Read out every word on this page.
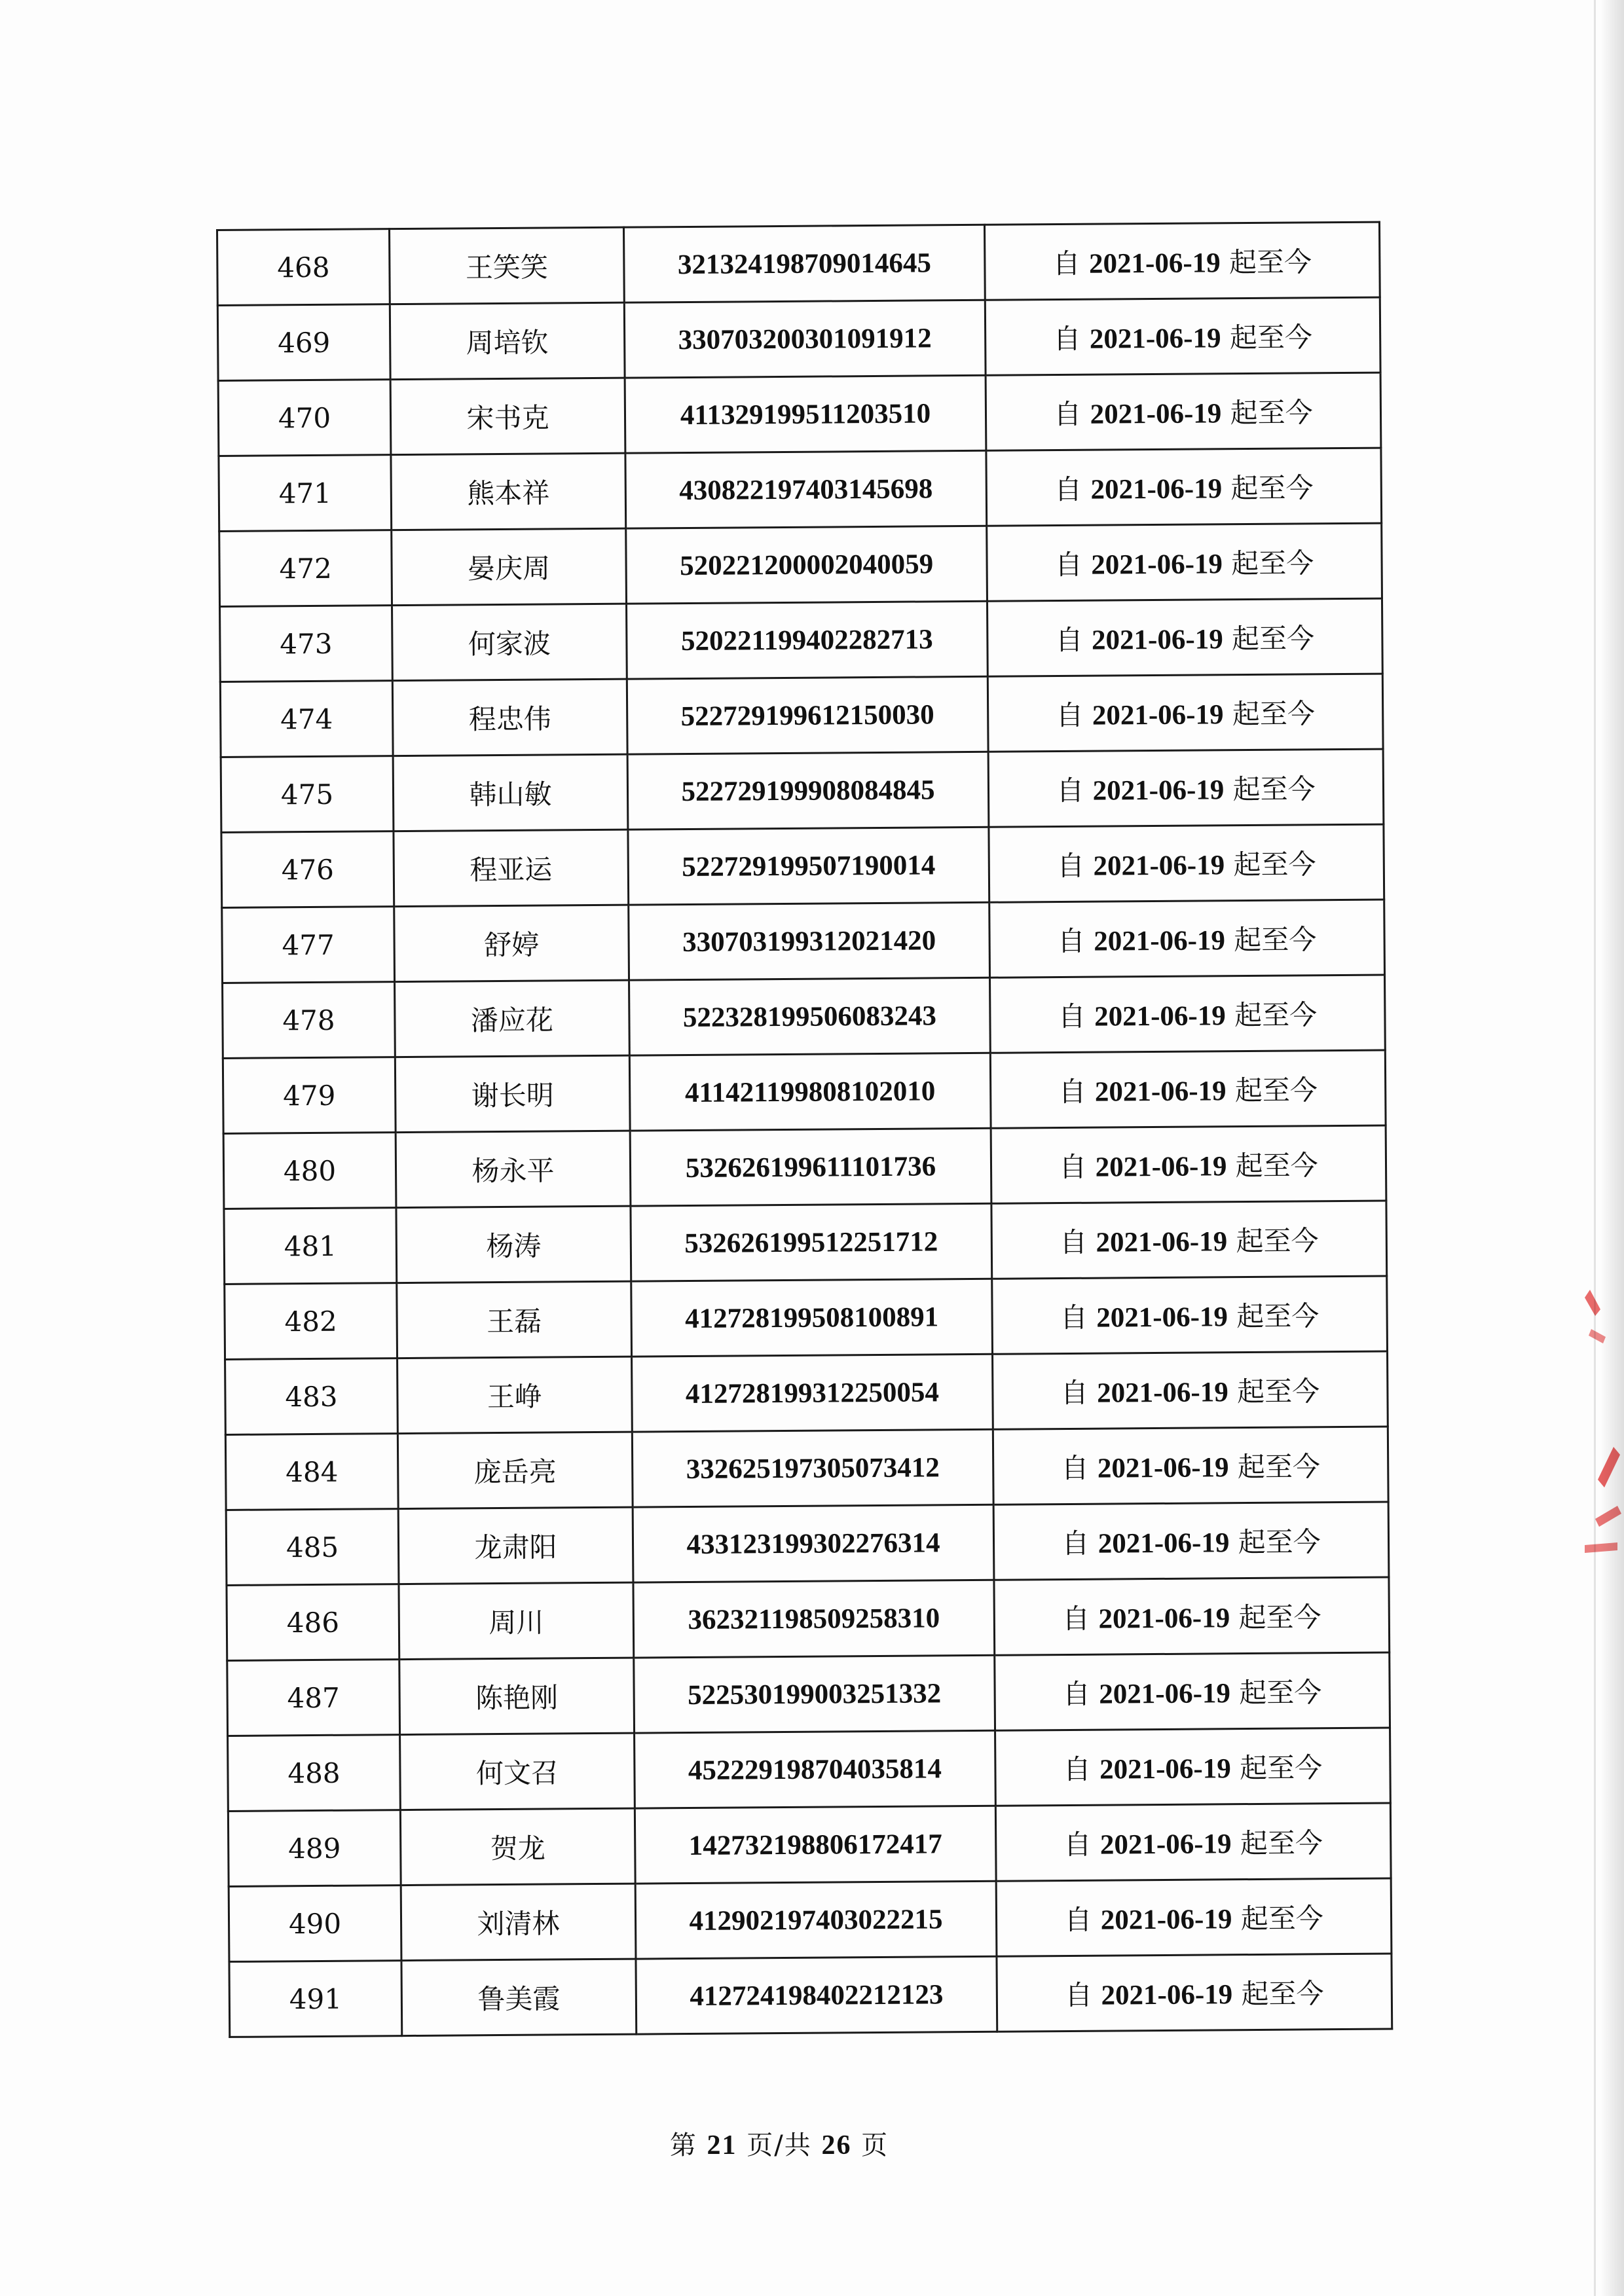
468	王笑笑	321324198709014645	自 2021-06-19 起至今
469	周培钦	330703200301091912	自 2021-06-19 起至今
470	宋书克	411329199511203510	自 2021-06-19 起至今
471	熊本祥	430822197403145698	自 2021-06-19 起至今
472	晏庆周	520221200002040059	自 2021-06-19 起至今
473	何家波	520221199402282713	自 2021-06-19 起至今
474	程忠伟	522729199612150030	自 2021-06-19 起至今
475	韩山敏	522729199908084845	自 2021-06-19 起至今
476	程亚运	522729199507190014	自 2021-06-19 起至今
477	舒婷	330703199312021420	自 2021-06-19 起至今
478	潘应花	522328199506083243	自 2021-06-19 起至今
479	谢长明	411421199808102010	自 2021-06-19 起至今
480	杨永平	532626199611101736	自 2021-06-19 起至今
481	杨涛	532626199512251712	自 2021-06-19 起至今
482	王磊	412728199508100891	自 2021-06-19 起至今
483	王峥	412728199312250054	自 2021-06-19 起至今
484	庞岳亮	332625197305073412	自 2021-06-19 起至今
485	龙肃阳	433123199302276314	自 2021-06-19 起至今
486	周川	362321198509258310	自 2021-06-19 起至今
487	陈艳刚	522530199003251332	自 2021-06-19 起至今
488	何文召	452229198704035814	自 2021-06-19 起至今
489	贺龙	142732198806172417	自 2021-06-19 起至今
490	刘清林	412902197403022215	自 2021-06-19 起至今
491	鲁美霞	412724198402212123	自 2021-06-19 起至今
第 21 页/共 26 页
